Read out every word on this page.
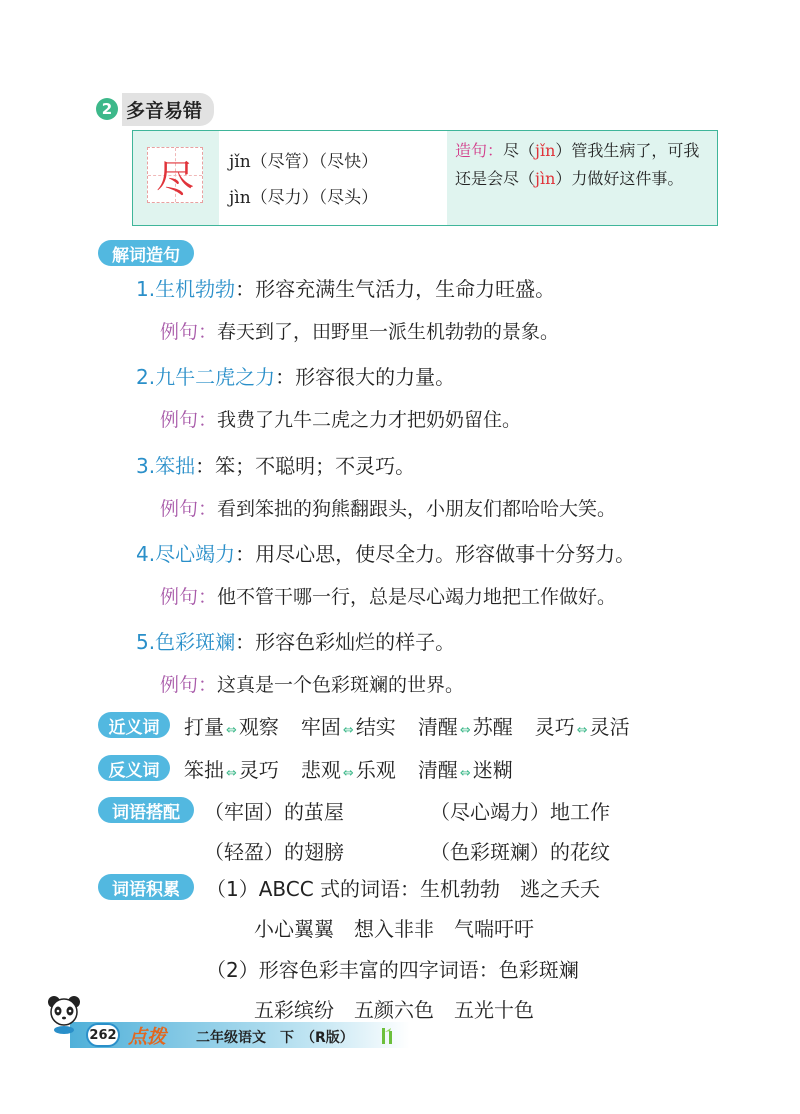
2 多音易错
尽	jǐn（尽管）（尽快）
jìn（尽力）（尽头）
造句：尽（jǐn）管我生病了，可我还是会尽（jìn）力做好这件事。
解词造句
1.生机勃勃：形容充满生气活力，生命力旺盛。
例句：春天到了，田野里一派生机勃勃的景象。
2.九牛二虎之力：形容很大的力量。
例句：我费了九牛二虎之力才把奶奶留住。
3.笨拙：笨；不聪明；不灵巧。
例句：看到笨拙的狗熊翻跟头，小朋友们都哈哈大笑。
4.尽心竭力：用尽心思，使尽全力。形容做事十分努力。
例句：他不管干哪一行，总是尽心竭力地把工作做好。
5.色彩斑斓：形容色彩灿烂的样子。
例句：这真是一个色彩斑斓的世界。
近义词	打量 ⇔ 观察 牢固 ⇔ 结实 清醒 ⇔ 苏醒 灵巧 ⇔ 灵活
反义词	笨拙 ⇔ 灵巧 悲观 ⇔ 乐观 清醒 ⇔ 迷糊
词语搭配	（牢固）的茧屋	（尽心竭力）地工作
（轻盈）的翅膀	（色彩斑斓）的花纹
词语积累	（1）ABCC 式的词语：生机勃勃　逃之夭夭
小心翼翼　想入非非　气喘吁吁
（2）形容色彩丰富的四字词语：色彩斑斓
五彩缤纷　五颜六色　五光十色
262 点拨 二年级语文　下　（R版）
